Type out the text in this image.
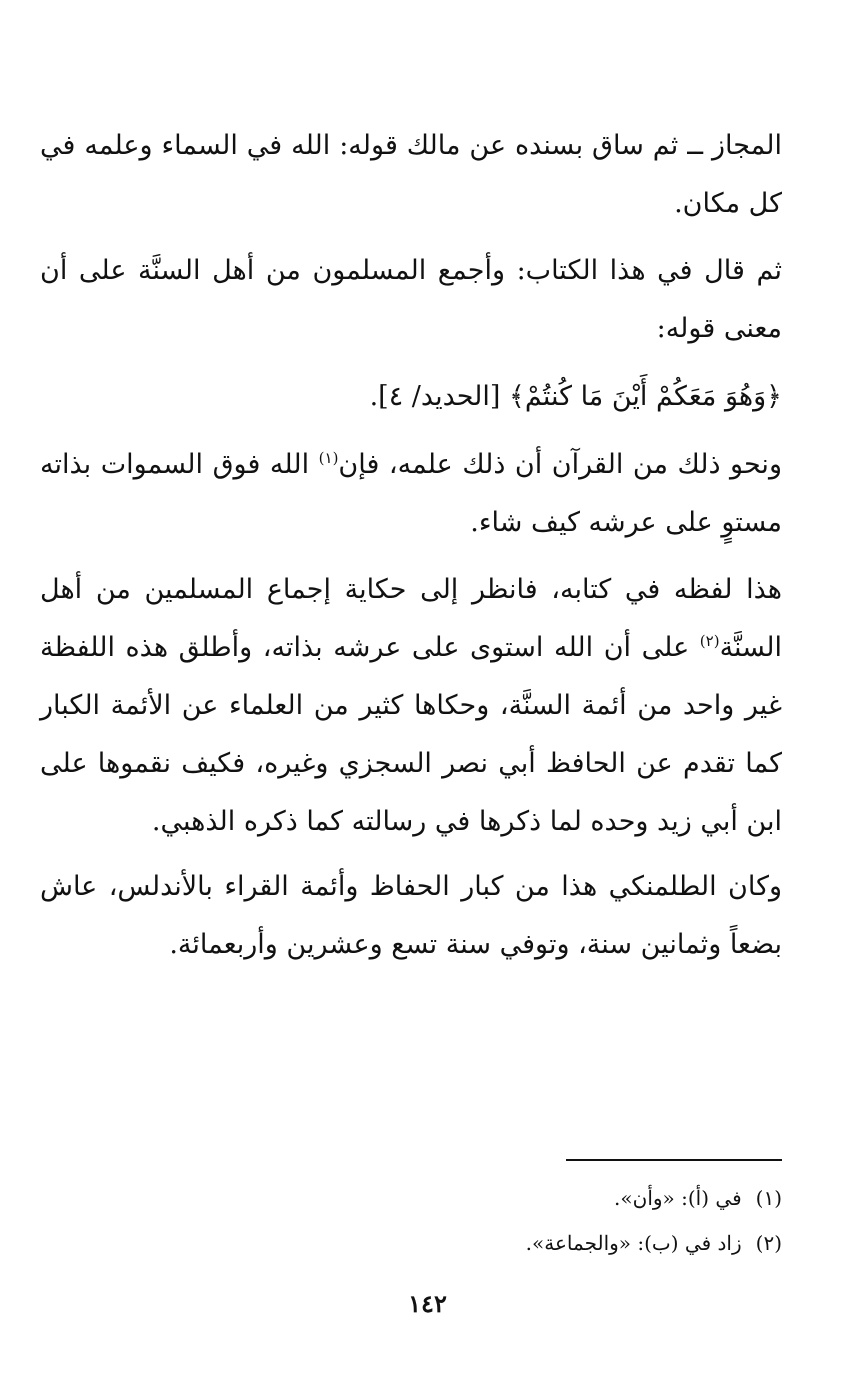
المجاز ــ ثم ساق بسنده عن مالك قوله: الله في السماء وعلمه في كل مكان.

ثم قال في هذا الكتاب: وأجمع المسلمون من أهل السنَّة على أن معنى قوله:

﴿وَهُوَ مَعَكُمْ أَيْنَ مَا كُنتُمْ﴾ [الحديد/ ٤].

ونحو ذلك من القرآن أن ذلك علمه، فإن$^{(١)}$ الله فوق السموات بذاته مستوٍ على عرشه كيف شاء.

هذا لفظه في كتابه، فانظر إلى حكاية إجماع المسلمين من أهل السنَّة$^{(٢)}$ على أن الله استوى على عرشه بذاته، وأطلق هذه اللفظة غير واحد من أئمة السنَّة، وحكاها كثير من العلماء عن الأئمة الكبار كما تقدم عن الحافظ أبي نصر السجزي وغيره، فكيف نقموها على ابن أبي زيد وحده لما ذكرها في رسالته كما ذكره الذهبي.

وكان الطلمنكي هذا من كبار الحفاظ وأئمة القراء بالأندلس، عاش بضعاً وثمانين سنة، وتوفي سنة تسع وعشرين وأربعمائة.

(١)في (أ): «وأن».
(٢)زاد في (ب): «والجماعة».
١٤٢
